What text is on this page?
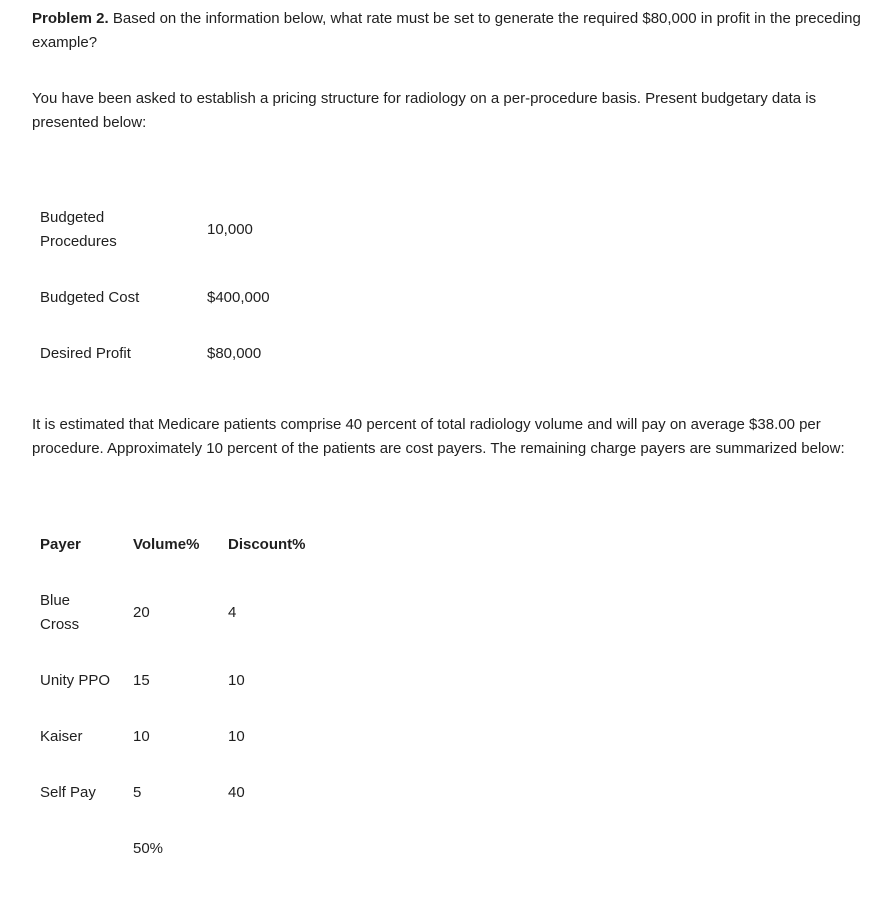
Problem 2. Based on the information below, what rate must be set to generate the required $80,000 in profit in the preceding example?

You have been asked to establish a pricing structure for radiology on a per-procedure basis. Present budgetary data is presented below:

Budgeted Procedures	10,000
Budgeted Cost	$400,000
Desired Profit	$80,000

It is estimated that Medicare patients comprise 40 percent of total radiology volume and will pay on average $38.00 per procedure. Approximately 10 percent of the patients are cost payers. The remaining charge payers are summarized below:

Payer	Volume%	Discount%
Blue Cross	20	4
Unity PPO	15	10
Kaiser	10	10
Self Pay	5	40
	50%	
